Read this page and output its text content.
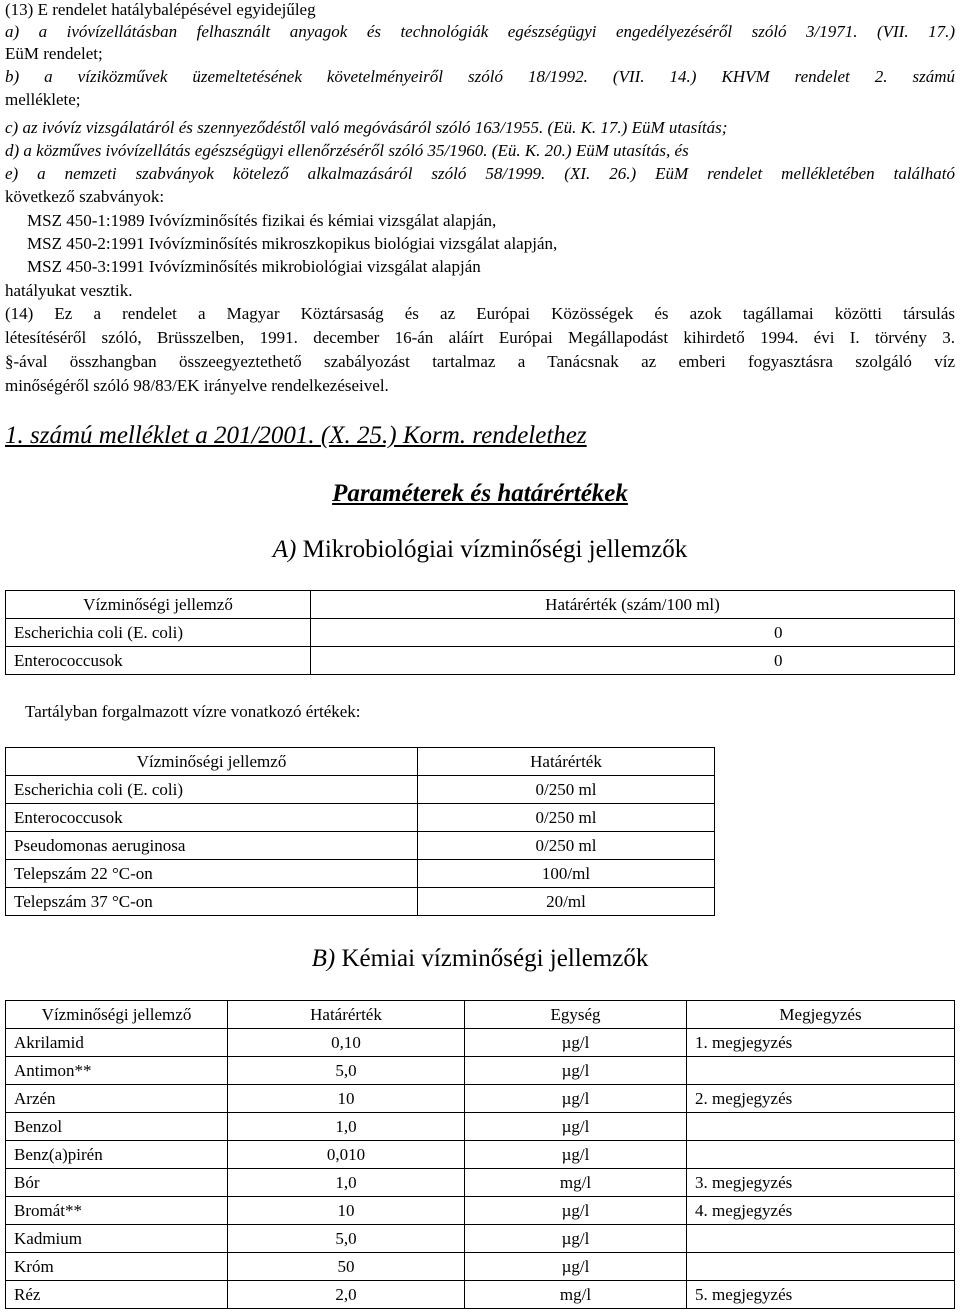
(13) E rendelet hatálybalépésével egyidejűleg
a) a ivóvízellátásban felhasznált anyagok és technológiák egészségügyi engedélyezéséről szóló 3/1971. (VII. 17.)
EüM rendelet;
b) a víziközművek üzemeltetésének követelményeiről szóló 18/1992. (VII. 14.) KHVM rendelet 2. számú
melléklete;
c) az ivóvíz vizsgálatáról és szennyeződéstől való megóvásáról szóló 163/1955. (Eü. K. 17.) EüM utasítás;
d) a közműves ivóvízellátás egészségügyi ellenőrzéséről szóló 35/1960. (Eü. K. 20.) EüM utasítás, és
e) a nemzeti szabványok kötelező alkalmazásáról szóló 58/1999. (XI. 26.) EüM rendelet mellékletében található
következő szabványok:
MSZ 450-1:1989 Ivóvízminősítés fizikai és kémiai vizsgálat alapján,
MSZ 450-2:1991 Ivóvízminősítés mikroszkopikus biológiai vizsgálat alapján,
MSZ 450-3:1991 Ivóvízminősítés mikrobiológiai vizsgálat alapján
hatályukat vesztik.
(14) Ez a rendelet a Magyar Köztársaság és az Európai Közösségek és azok tagállamai közötti társulás
létesítéséről szóló, Brüsszelben, 1991. december 16-án aláírt Európai Megállapodást kihirdető 1994. évi I. törvény 3.
§-ával összhangban összeegyeztethető szabályozást tartalmaz a Tanácsnak az emberi fogyasztásra szolgáló víz
minőségéről szóló 98/83/EK irányelve rendelkezéseivel.
1. számú melléklet a 201/2001. (X. 25.) Korm. rendelethez
Paraméterek és határértékek
A) Mikrobiológiai vízminőségi jellemzők
Vízminőségi jellemző	Határérték (szám/100 ml)
Escherichia coli (E. coli)	0
Enterococcusok	0
Tartályban forgalmazott vízre vonatkozó értékek:
Vízminőségi jellemző	Határérték
Escherichia coli (E. coli)	0/250 ml
Enterococcusok	0/250 ml
Pseudomonas aeruginosa	0/250 ml
Telepszám 22 °C-on	100/ml
Telepszám 37 °C-on	20/ml
B) Kémiai vízminőségi jellemzők
Vízminőségi jellemző	Határérték	Egység	Megjegyzés
Akrilamid	0,10	µg/l	1. megjegyzés
Antimon**	5,0	µg/l	
Arzén	10	µg/l	2. megjegyzés
Benzol	1,0	µg/l	
Benz(a)pirén	0,010	µg/l	
Bór	1,0	mg/l	3. megjegyzés
Bromát**	10	µg/l	4. megjegyzés
Kadmium	5,0	µg/l	
Króm	50	µg/l	
Réz	2,0	mg/l	5. megjegyzés
